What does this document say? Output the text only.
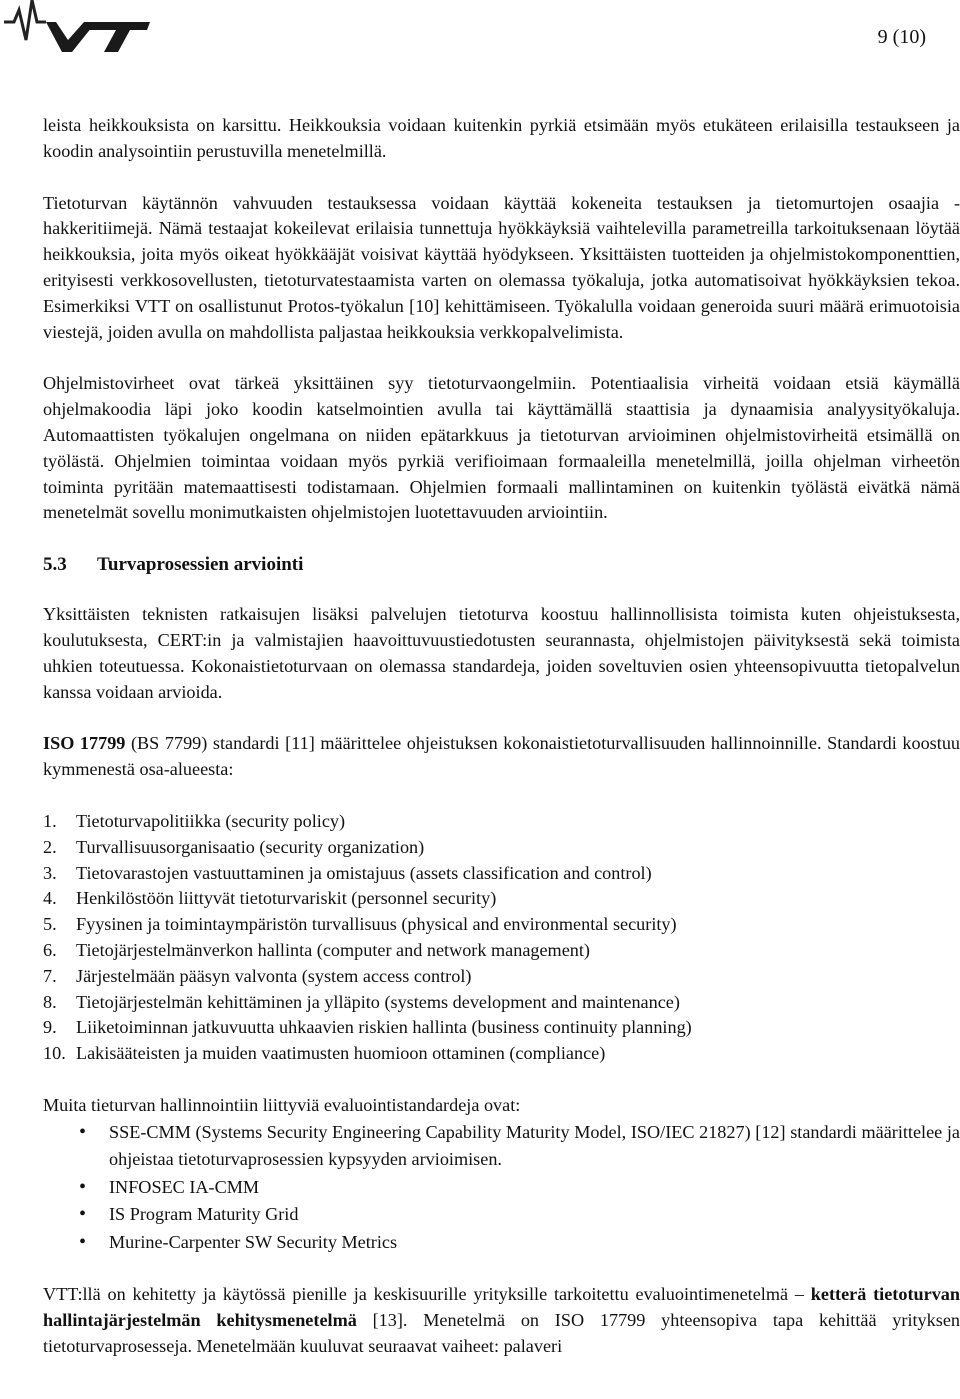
VTT
9 (10)

leista heikkouksista on karsittu. Heikkouksia voidaan kuitenkin pyrkiä etsimään myös etukäteen erilaisilla testaukseen ja koodin analysointiin perustuvilla menetelmillä.

Tietoturvan käytännön vahvuuden testauksessa voidaan käyttää kokeneita testauksen ja tietomurtojen osaajia - hakkeritiimejä. Nämä testaajat kokeilevat erilaisia tunnettuja hyökkäyksiä vaihtelevilla parametreilla tarkoituksenaan löytää heikkouksia, joita myös oikeat hyökkääjät voisivat käyttää hyödykseen. Yksittäisten tuotteiden ja ohjelmistokomponenttien, erityisesti verkkosovellusten, tietoturvatestaamista varten on olemassa työkaluja, jotka automatisoivat hyökkäyksien tekoa. Esimerkiksi VTT on osallistunut Protos-työkalun [10] kehittämiseen. Työkalulla voidaan generoida suuri määrä erimuotoisia viestejä, joiden avulla on mahdollista paljastaa heikkouksia verkkopalvelimista.

Ohjelmistovirheet ovat tärkeä yksittäinen syy tietoturvaongelmiin. Potentiaalisia virheitä voidaan etsiä käymällä ohjelmakoodia läpi joko koodin katselmointien avulla tai käyttämällä staattisia ja dynaamisia analyysityökaluja. Automaattisten työkalujen ongelmana on niiden epätarkkuus ja tietoturvan arvioiminen ohjelmistovirheitä etsimällä on työlästä. Ohjelmien toimintaa voidaan myös pyrkiä verifioimaan formaaleilla menetelmillä, joilla ohjelman virheetön toiminta pyritään matemaattisesti todistamaan. Ohjelmien formaali mallintaminen on kuitenkin työlästä eivätkä nämä menetelmät sovellu monimutkaisten ohjelmistojen luotettavuuden arviointiin.

5.3 Turvaprosessien arviointi

Yksittäisten teknisten ratkaisujen lisäksi palvelujen tietoturva koostuu hallinnollisista toimista kuten ohjeistuksesta, koulutuksesta, CERT:in ja valmistajien haavoittuvuustiedotusten seurannasta, ohjelmistojen päivityksestä sekä toimista uhkien toteutuessa. Kokonaistietoturvaan on olemassa standardeja, joiden soveltuvien osien yhteensopivuutta tietopalvelun kanssa voidaan arvioida.

ISO 17799 (BS 7799) standardi [11] määrittelee ohjeistuksen kokonaistietoturvallisuuden hallinnoinnille. Standardi koostuu kymmenestä osa-alueesta:

1. Tietoturvapolitiikka (security policy)
2. Turvallisuusorganisaatio (security organization)
3. Tietovarastojen vastuuttaminen ja omistajuus (assets classification and control)
4. Henkilöstöön liittyvät tietoturvariskit (personnel security)
5. Fyysinen ja toimintaympäristön turvallisuus (physical and environmental security)
6. Tietojärjestelmänverkon hallinta (computer and network management)
7. Järjestelmään pääsyn valvonta (system access control)
8. Tietojärjestelmän kehittäminen ja ylläpito (systems development and maintenance)
9. Liiketoiminnan jatkuvuutta uhkaavien riskien hallinta (business continuity planning)
10. Lakisääteisten ja muiden vaatimusten huomioon ottaminen (compliance)

Muita tieturvan hallinnointiin liittyviä evaluointistandardeja ovat:

• SSE-CMM (Systems Security Engineering Capability Maturity Model, ISO/IEC 21827) [12] standardi määrittelee ja ohjeistaa tietoturvaprosessien kypsyyden arvioimisen.
• INFOSEC IA-CMM
• IS Program Maturity Grid
• Murine-Carpenter SW Security Metrics

VTT:llä on kehitetty ja käytössä pienille ja keskisuurille yrityksille tarkoitettu evaluointimenetelmä – ketterä tietoturvan hallintajärjestelmän kehitysmenetelmä [13]. Menetelmä on ISO 17799 yhteensopiva tapa kehittää yrityksen tietoturvaprosesseja. Menetelmään kuuluvat seuraavat vaiheet: palaveri
